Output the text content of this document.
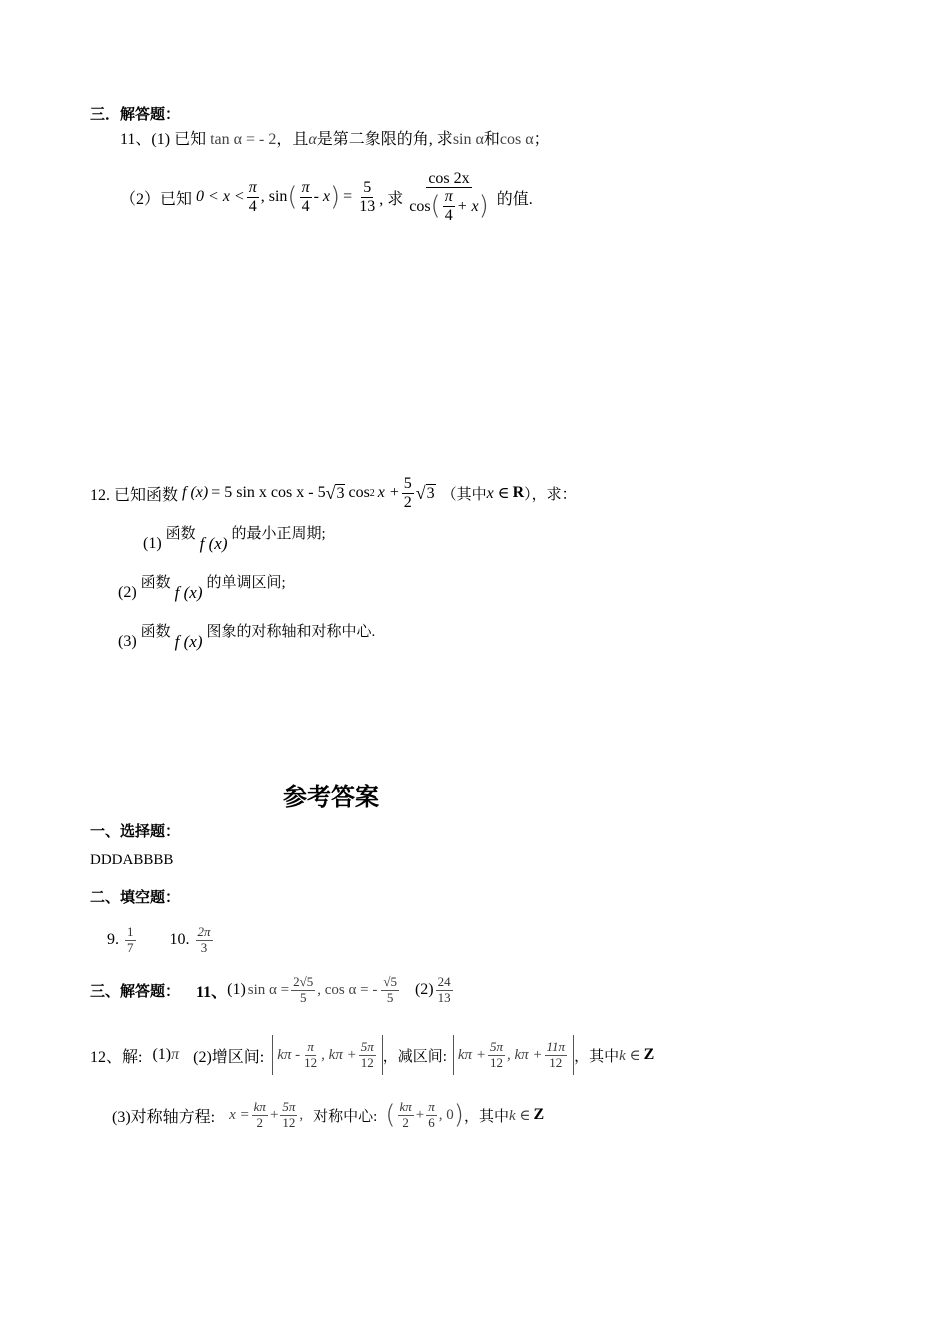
三．解答题：
11、(1) 已知 tan α = - 2，且α是第二象限的角, 求sin α和cos α；
（2）已知 $0 < x < \frac{\pi}{4}$ , sin ( $\frac{\pi}{4}$ - x ) = $\frac{5}{13}$ , 求 $\frac{\cos 2x}{\cos ( \frac{\pi}{4} + x )}$ 的值.
12. 已知函数 f (x) = 5 sin x cos x - 5 √ 3 cos 2 $x + \frac{5}{2}$ √ 3 （其中 x ∈ R ），求：
(1) 函数 f (x) 的最小正周期;
(2) 函数 f (x) 的单调区间;
(3) 函数 f (x) 图象的对称轴和对称中心.
参考答案
一、选择题：
DDDABBBB
二、填空题：
9. $\frac{1}{7} 10$. $\frac{2\pi}{3}$
三、解答题： 11、 (1) $\sin \alpha = \frac{2√5}{5}$ , cos α = - $\frac{√5}{5} (2) \frac{24}{13}$
12、解: (1) π (2)增区间: kπ - $\frac{\pi}{12}$ , $k\pi + \frac{5\pi}{12}$ ，减区间: $k\pi + \frac{5\pi}{12}$ , $k\pi + \frac{11\pi}{12}$ ，其中 k ∈ Z
(3)对称轴方程: $x = \frac{k\pi}{2} + \frac{5\pi}{12}$ , 对称中心: ( $\frac{k\pi}{2} + \frac{\pi}{6}$ , 0 ) ，其中 k ∈ Z
